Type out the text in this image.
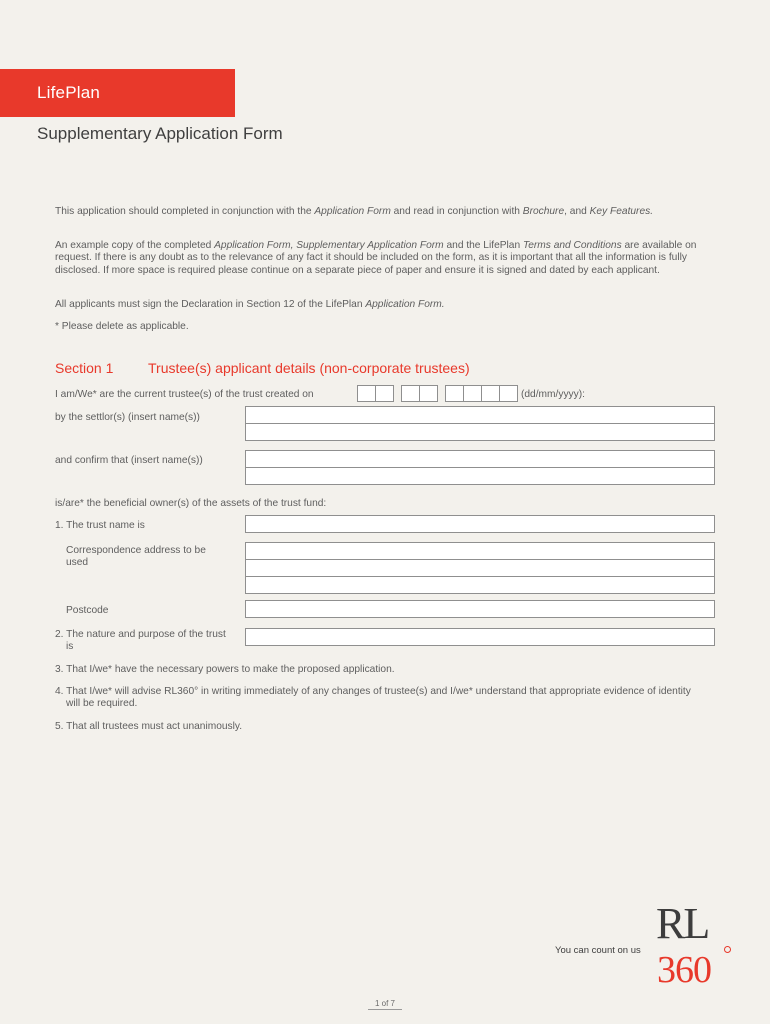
LifePlan
Supplementary Application Form
This application should completed in conjunction with the Application Form and read in conjunction with Brochure, and Key Features.
An example copy of the completed Application Form, Supplementary Application Form and the LifePlan Terms and Conditions are available on request. If there is any doubt as to the relevance of any fact it should be included on the form, as it is important that all the information is fully disclosed. If more space is required please continue on a separate piece of paper and ensure it is signed and dated by each applicant.
All applicants must sign the Declaration in Section 12 of the LifePlan Application Form.
* Please delete as applicable.
Section 1 Trustee(s) applicant details (non-corporate trustees)
I am/We* are the current trustee(s) of the trust created on	(dd/mm/yyyy):
by the settlor(s) (insert name(s))
and confirm that (insert name(s))
is/are* the beneficial owner(s) of the assets of the trust fund:
1. The trust name is
Correspondence address to be used
Postcode
2. The nature and purpose of the trust is
3. That I/we* have the necessary powers to make the proposed application.
4. That I/we* will advise RL360° in writing immediately of any changes of trustee(s) and I/we* understand that appropriate evidence of identity will be required.
5. That all trustees must act unanimously.
You can count on us
RL
360
1 of 7
